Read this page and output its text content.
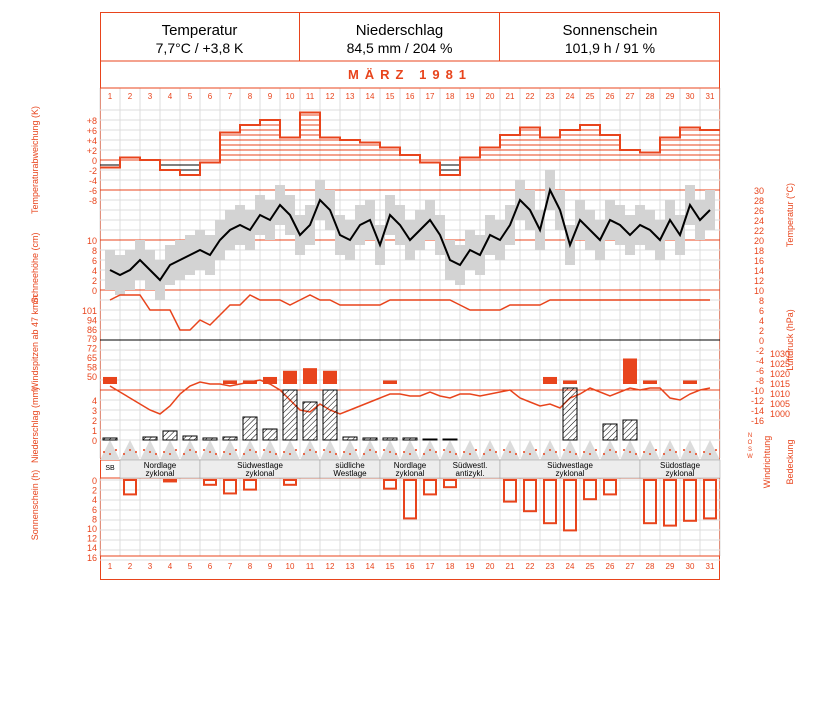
Temperatur
7,7°C / +3,8 K
Niederschlag
84,5 mm / 204 %
Sonnenschein
101,9 h / 91 %
MÄRZ 1981
1
1
2
2
3
3
4
4
5
5
6
6
7
7
8
8
9
9
10
10
11
11
12
12
13
13
14
14
15
15
16
16
17
17
18
18
19
19
20
20
21
21
22
22
23
23
24
24
25
25
26
26
27
27
28
28
29
29
30
30
31
31
+8
+6
+4
+2
0
-2
-4
-6
-8
10
8
6
4
2
0
101
94
86
79
72
65
58
50
4
3
2
1
0
0
2
4
6
8
10
12
14
16
30
28
26
24
22
20
18
16
14
12
10
8
6
4
2
0
-2
-4
-6
-8
-10
-12
-14
-16
1030
1025
1020
1015
1010
1005
1000
N
O
S
W
Temperaturabweichung (K)
Schneehöhe (cm)
Windspitzen ab 47 km/h
Niederschlag (mm)
Sonnenschein (h)
Temperatur (°C)
Luftdruck (hPa)
Windrichtung Bedeckung
SB	Nordlage
zyklonal
Südwestlage
zyklonal
südliche
Westlage
Nordlage
zyklonal
Südwestl.
antizykl.
Südwestlage
zyklonal
Südostlage
zyklonal
